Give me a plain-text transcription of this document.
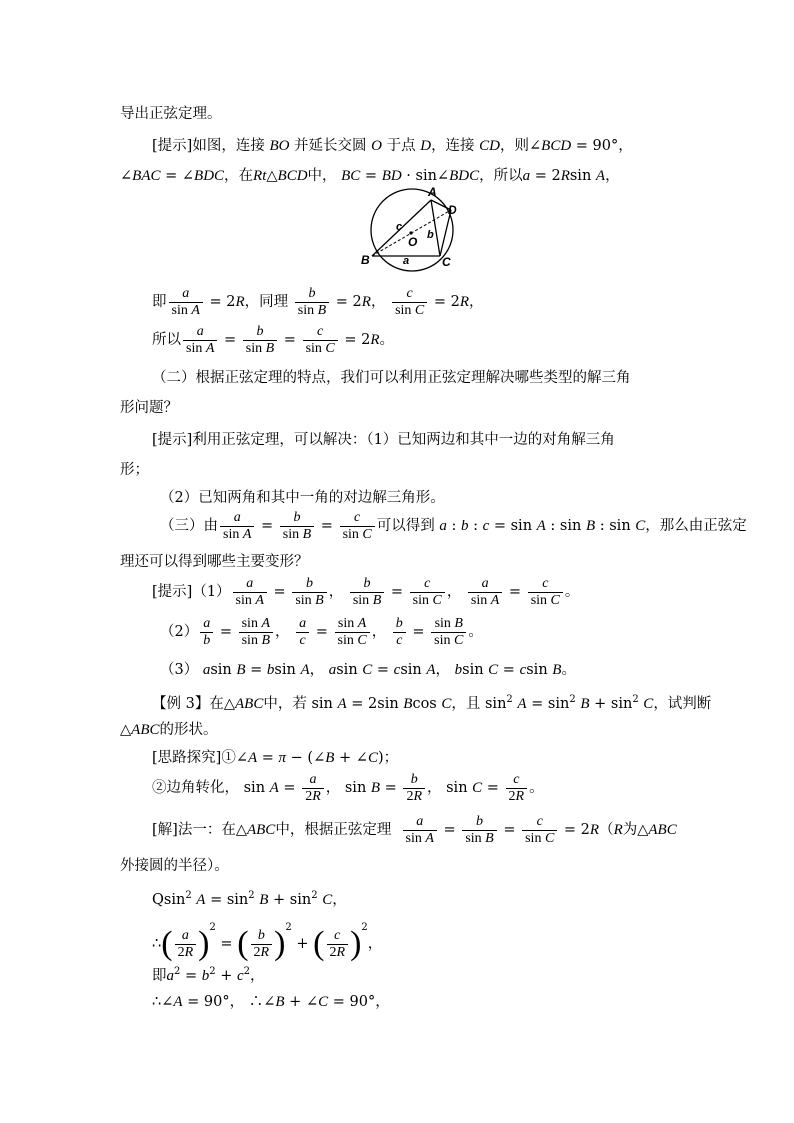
导出正弦定理。
[提示]如图，连接 BO 并延长交圆 O 于点 D，连接 CD，则∠BCD = 90°，
∠BAC = ∠BDC，在Rt△BCD中， BC = BD · sin∠BDC，所以a = 2Rsin A，
A
D
B	C
O
a
b
c
即 $\frac{a}{\text{sin A}} = 2R$，同理 $\frac{b}{\text{sin B}} = 2R$， $\frac{c}{\text{sin C}} = 2R$，
所以 $\frac{a}{\text{sin A}} = \frac{b}{\text{sin B}} = \frac{c}{\text{sin C}} = 2R$。
（二）根据正弦定理的特点，我们可以利用正弦定理解决哪些类型的解三角
形问题？
[提示]利用正弦定理，可以解决：（1）已知两边和其中一边的对角解三角
形；
（2）已知两角和其中一角的对边解三角形。
（三）由 $\frac{a}{\text{sin A}} = \frac{b}{\text{sin B}} = \frac{c}{\text{sin C}}$ 可以得到 a : b : c = sin A : sin B : sin C，那么由正弦定
理还可以得到哪些主要变形？
[提示]$(1) \frac{a}{\text{sin A}} = \frac{b}{\text{sin B}}$ ， $\frac{b}{\text{sin B}} = \frac{c}{\text{sin C}}$ ， $\frac{a}{\text{sin A}} = \frac{c}{\text{sin C}}$ 。
$(2) \frac{a}{b} = \frac{\text{sin A}}{\text{sin B}}$ ， $\frac{a}{c} = \frac{\text{sin A}}{\text{sin C}}$ ， $\frac{b}{c} = \frac{\text{sin B}}{\text{sin C}}$ 。
（3） asin B = bsin A， asin C = csin A， bsin C = csin B。
【例 3】在△ABC中，若 sin A = 2sin Bcos C，且 $\sin^2 A = \sin^2 B + \sin^2 C$，试判断
△ABC的形状。
[思路探究]①∠A = π − (∠B + ∠C)；
②边角转化， $\sin A = \frac{a}{2R}$ ， $\sin B = \frac{b}{2R}$ ， $\sin C = \frac{c}{2R}$ 。
[解]法一：在△ABC中，根据正弦定理 $\frac{a}{\text{sin A}} = \frac{b}{\text{sin B}} = \frac{c}{\text{sin C}} = 2R(R$为△ABC
外接圆的半径）。
Qsin$^2$ $A = \sin^2 B + \sin^2 C$，
∴( $\frac{a}{2R} )^2$ = ( $\frac{b}{2R} )^2$ + ( $\frac{c}{2R} )^2$，
即$a^2 = b^2 + c^2$，
∴∠A = 90°， ∴∠B + ∠C = 90°，
